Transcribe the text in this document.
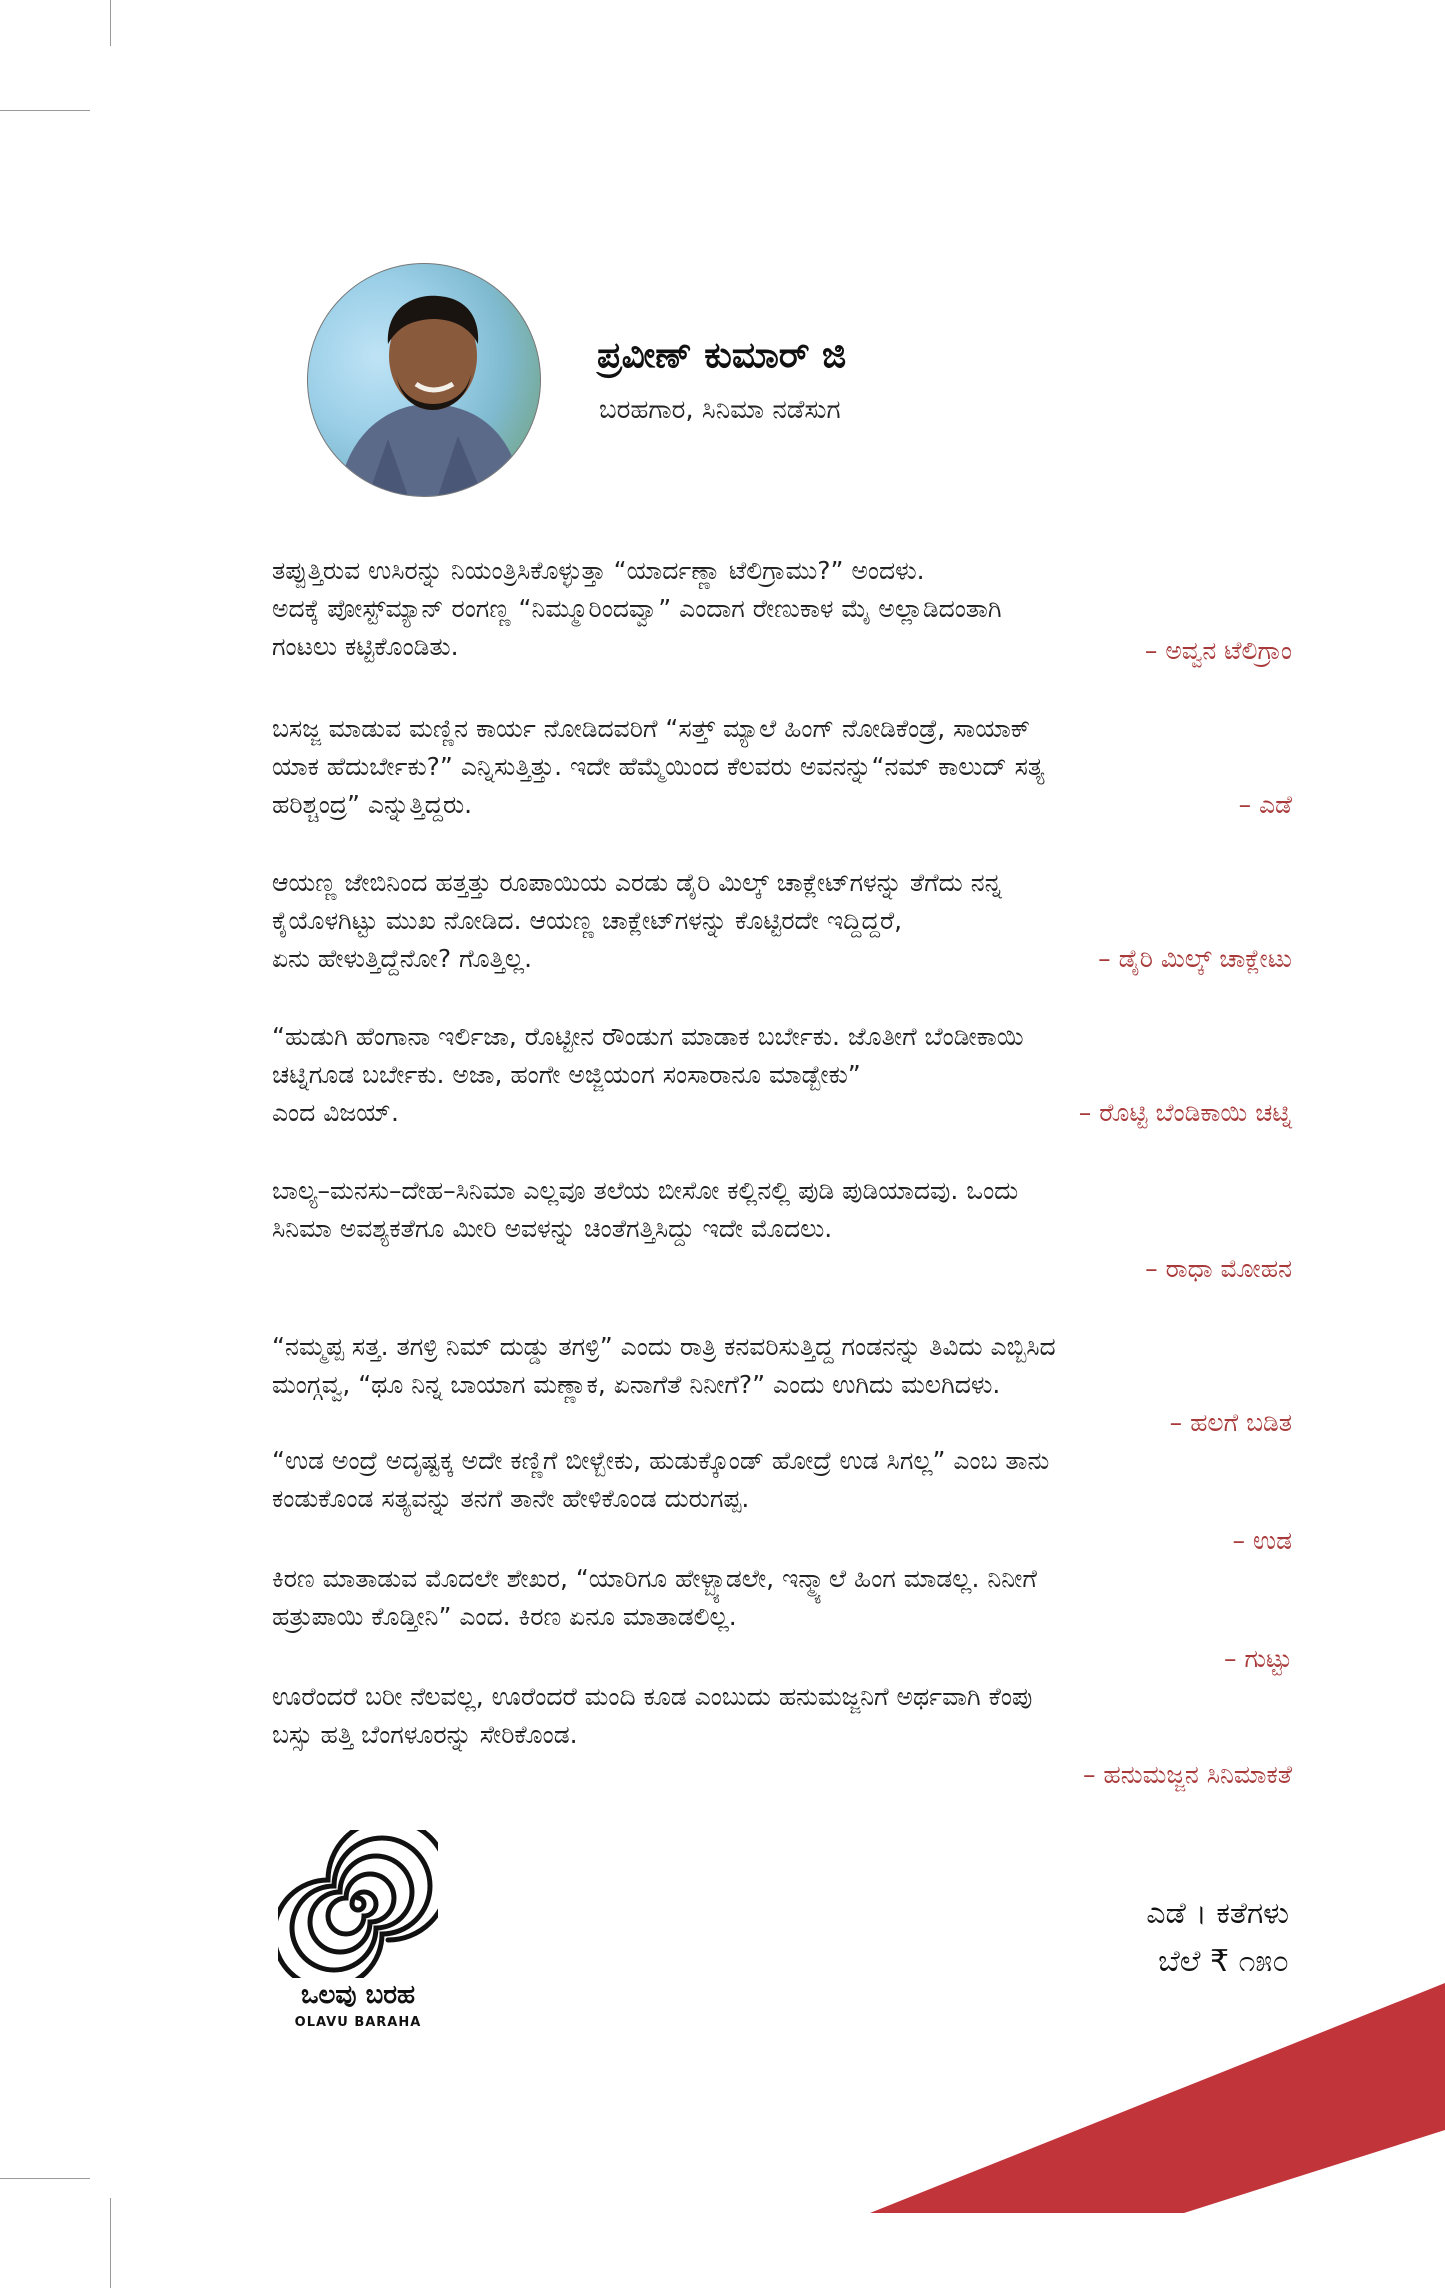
ಪ್ರವೀಣ್ ಕುಮಾರ್ ಜಿ
ಬರಹಗಾರ, ಸಿನಿಮಾ ನಡೆಸುಗ

ತಪ್ಪುತ್ತಿರುವ ಉಸಿರನ್ನು ನಿಯಂತ್ರಿಸಿಕೊಳ್ಳುತ್ತಾ “ಯಾರ್ದಣ್ಣಾ ಟೆಲಿಗ್ರಾಮು?” ಅಂದಳು.

ಅದಕ್ಕೆ ಪೋಸ್ಟ್‌ಮ್ಯಾನ್ ರಂಗಣ್ಣ “ನಿಮ್ಮೂರಿಂದವ್ವಾ” ಎಂದಾಗ ರೇಣುಕಾಳ ಮೈ ಅಲ್ಲಾಡಿದಂತಾಗಿ

ಗಂಟಲು ಕಟ್ಟಿಕೊಂಡಿತು.	– ಅವ್ವನ ಟೆಲಿಗ್ರಾಂ

ಬಸಜ್ಜ ಮಾಡುವ ಮಣ್ಣಿನ ಕಾರ್ಯ ನೋಡಿದವರಿಗೆ “ಸತ್ತ್ ಮ್ಯಾಲೆ ಹಿಂಗ್ ನೋಡಿಕೆಂಡ್ರೆ, ಸಾಯಾಕ್

ಯಾಕ ಹೆದುರ್ಬೇಕು?” ಎನ್ನಿಸುತ್ತಿತ್ತು. ಇದೇ ಹೆಮ್ಮೆಯಿಂದ ಕೆಲವರು ಅವನನ್ನು“ನಮ್ ಕಾಲುದ್ ಸತ್ಯ

ಹರಿಶ್ಚಂದ್ರ” ಎನ್ನುತ್ತಿದ್ದರು.	– ಎಡೆ

ಆಯಣ್ಣ ಜೇಬಿನಿಂದ ಹತ್ತತ್ತು ರೂಪಾಯಿಯ ಎರಡು ಡೈರಿ ಮಿಲ್ಕ್ ಚಾಕ್ಲೇಟ್‌ಗಳನ್ನು ತೆಗೆದು ನನ್ನ

ಕೈಯೊಳಗಿಟ್ಟು ಮುಖ ನೋಡಿದ. ಆಯಣ್ಣ ಚಾಕ್ಲೇಟ್‌ಗಳನ್ನು ಕೊಟ್ಟಿರದೇ ಇದ್ದಿದ್ದರೆ,

ಏನು ಹೇಳುತ್ತಿದ್ದೆನೋ? ಗೊತ್ತಿಲ್ಲ.	– ಡೈರಿ ಮಿಲ್ಕ್ ಚಾಕ್ಲೇಟು

“ಹುಡುಗಿ ಹೆಂಗಾನಾ ಇರ್ಲಿಜಾ, ರೊಟ್ಟೀನ ರೌಂಡುಗ ಮಾಡಾಕ ಬರ್ಬೇಕು. ಜೊತೀಗೆ ಬೆಂಡೀಕಾಯಿ

ಚಟ್ನಿಗೂಡ ಬರ್ಬೇಕು. ಅಜಾ, ಹಂಗೇ ಅಜ್ಜಿಯಂಗ ಸಂಸಾರಾನೂ ಮಾಡ್ಬೇಕು”

ಎಂದ ವಿಜಯ್.	– ರೊಟ್ಟಿ ಬೆಂಡಿಕಾಯಿ ಚಟ್ನಿ

ಬಾಲ್ಯ–ಮನಸು–ದೇಹ–ಸಿನಿಮಾ ಎಲ್ಲವೂ ತಲೆಯ ಬೀಸೋ ಕಲ್ಲಿನಲ್ಲಿ ಪುಡಿ ಪುಡಿಯಾದವು. ಒಂದು

ಸಿನಿಮಾ ಅವಶ್ಯಕತೆಗೂ ಮೀರಿ ಅವಳನ್ನು ಚಿಂತೆಗತ್ತಿಸಿದ್ದು ಇದೇ ಮೊದಲು.

– ರಾಧಾ ಮೋಹನ

“ನಮ್ಮಪ್ಪ ಸತ್ತ. ತಗಳ್ರಿ ನಿಮ್ ದುಡ್ಡು ತಗಳ್ರಿ” ಎಂದು ರಾತ್ರಿ ಕನವರಿಸುತ್ತಿದ್ದ ಗಂಡನನ್ನು ತಿವಿದು ಎಬ್ಬಿಸಿದ

ಮಂಗ್ಗವ್ವ, “ಥೂ ನಿನ್ನ ಬಾಯಾಗ ಮಣ್ಣಾಕ, ಏನಾಗೆತೆ ನಿನೀಗೆ?” ಎಂದು ಉಗಿದು ಮಲಗಿದಳು.

– ಹಲಗೆ ಬಡಿತ

“ಉಡ ಅಂದ್ರೆ ಅದೃಷ್ಟಕ್ಕ ಅದೇ ಕಣ್ಣಿಗೆ ಬೀಳ್ಬೇಕು, ಹುಡುಕ್ಕೊಂಡ್ ಹೋದ್ರೆ ಉಡ ಸಿಗಲ್ಲ” ಎಂಬ ತಾನು

ಕಂಡುಕೊಂಡ ಸತ್ಯವನ್ನು ತನಗೆ ತಾನೇ ಹೇಳಿಕೊಂಡ ದುರುಗಪ್ಪ.

– ಉಡ

ಕಿರಣ ಮಾತಾಡುವ ಮೊದಲೇ ಶೇಖರ, “ಯಾರಿಗೂ ಹೇಳ್ಬ್ಯಾಡಲೇ, ಇನ್ಮ್ಯಾಲೆ ಹಿಂಗ ಮಾಡಲ್ಲ. ನಿನೀಗೆ

ಹತ್ರುಪಾಯಿ ಕೊಡ್ತೀನಿ” ಎಂದ. ಕಿರಣ ಏನೂ ಮಾತಾಡಲಿಲ್ಲ.

– ಗುಟ್ಟು

ಊರೆಂದರೆ ಬರೀ ನೆಲವಲ್ಲ, ಊರೆಂದರೆ ಮಂದಿ ಕೂಡ ಎಂಬುದು ಹನುಮಜ್ಜನಿಗೆ ಅರ್ಥವಾಗಿ ಕೆಂಪು

ಬಸ್ಸು ಹತ್ತಿ ಬೆಂಗಳೂರನ್ನು ಸೇರಿಕೊಂಡ.

– ಹನುಮಜ್ಜನ ಸಿನಿಮಾಕತೆ
ಒಲವು ಬರಹ
OLAVU BARAHA
ಎಡೆ । ಕತೆಗಳು
ಬೆಲೆ ₹ ೧೫೦
